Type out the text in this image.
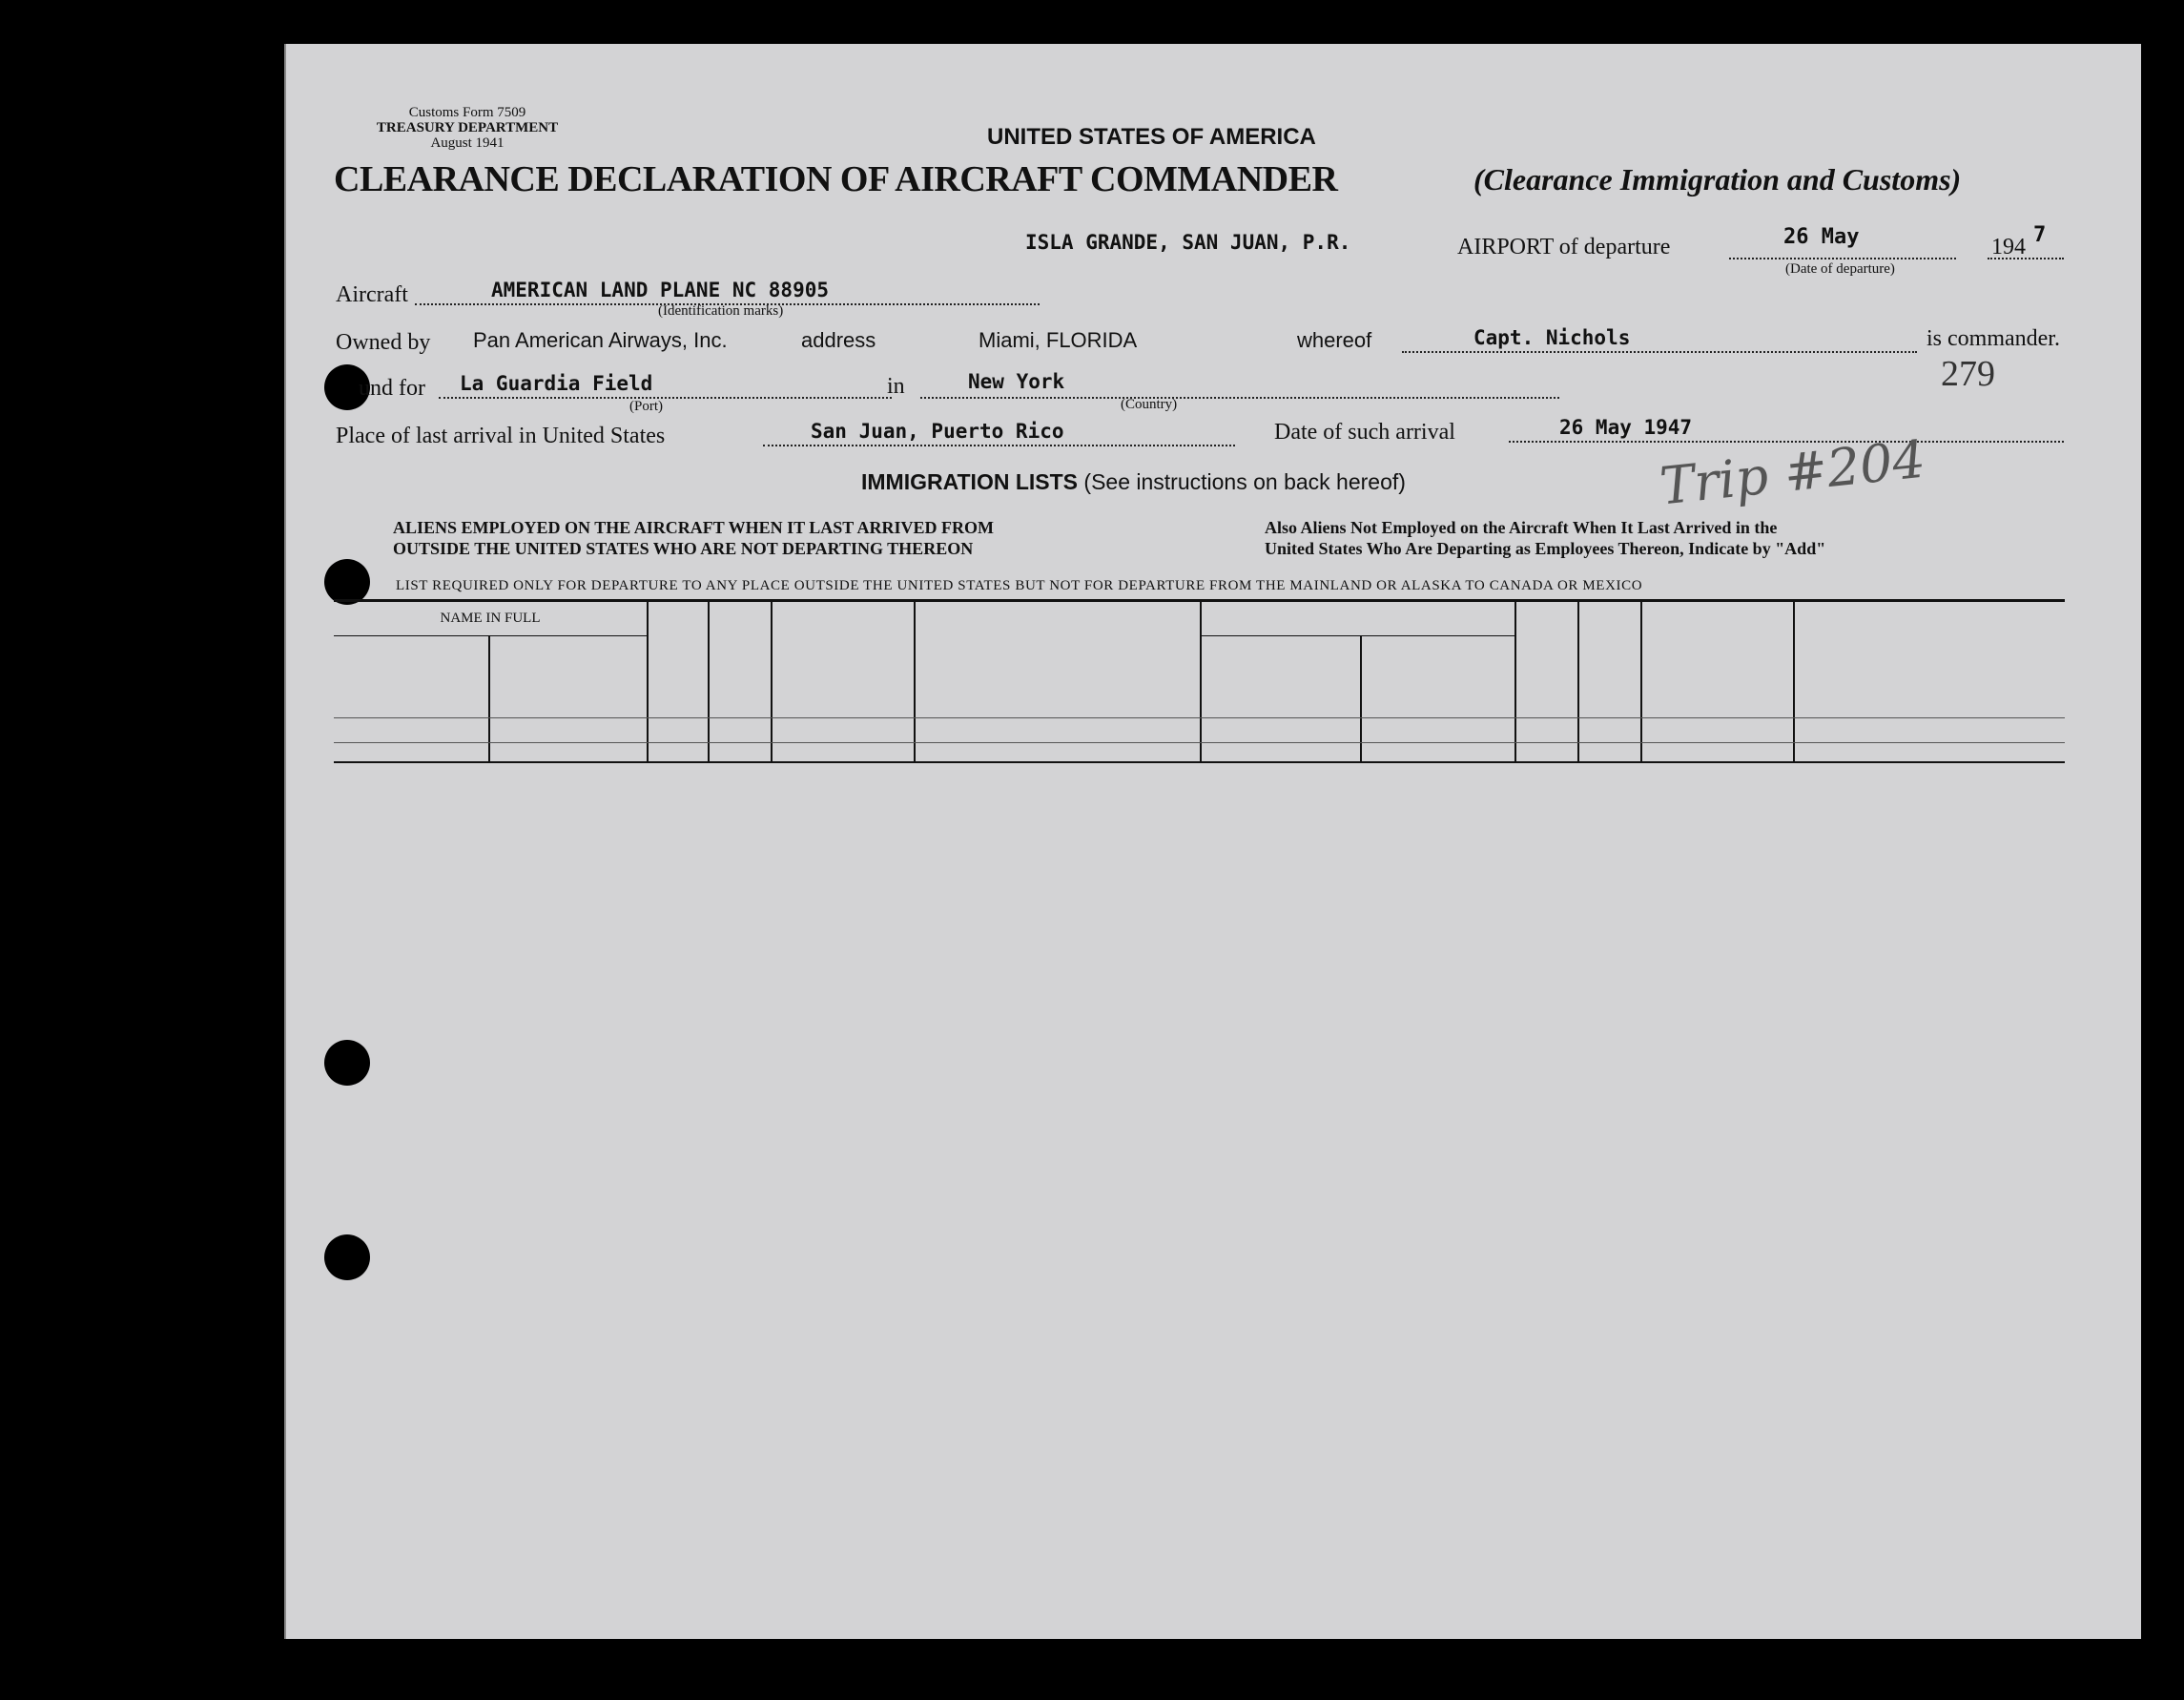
Customs Form 7509
TREASURY DEPARTMENT
August 1941	UNITED STATES OF AMERICA
CLEARANCE DECLARATION OF AIRCRAFT COMMANDER	(Clearance Immigration and Customs)
ISLA GRANDE, SAN JUAN, P.R.	AIRPORT of departure	26 May	194 7
(Date of departure)
Aircraft	AMERICAN LAND PLANE NC 88905
(Identification marks)
Owned by Pan American Airways, Inc.	address	Miami, FLORIDA	whereof	Capt. Nichols	is commander.
und for La Guardia Field
(Port)
in	New York
(Country)
279
Place of last arrival in United States	San Juan, Puerto Rico	Date of such arrival	26 May 1947
IMMIGRATION LISTS (See instructions on back hereof)	Trip #204
ALIENS EMPLOYED ON THE AIRCRAFT WHEN IT LAST ARRIVED FROM
OUTSIDE THE UNITED STATES WHO ARE NOT DEPARTING THEREON
Also Aliens Not Employed on the Aircraft When It Last Arrived in the
United States Who Are Departing as Employees Thereon, Indicate by "Add"
LIST REQUIRED ONLY FOR DEPARTURE TO ANY PLACE OUTSIDE THE UNITED STATES BUT NOT FOR DEPARTURE FROM THE MAINLAND OR ALASKA TO CANADA OR MEXICO
NAME IN FULL
